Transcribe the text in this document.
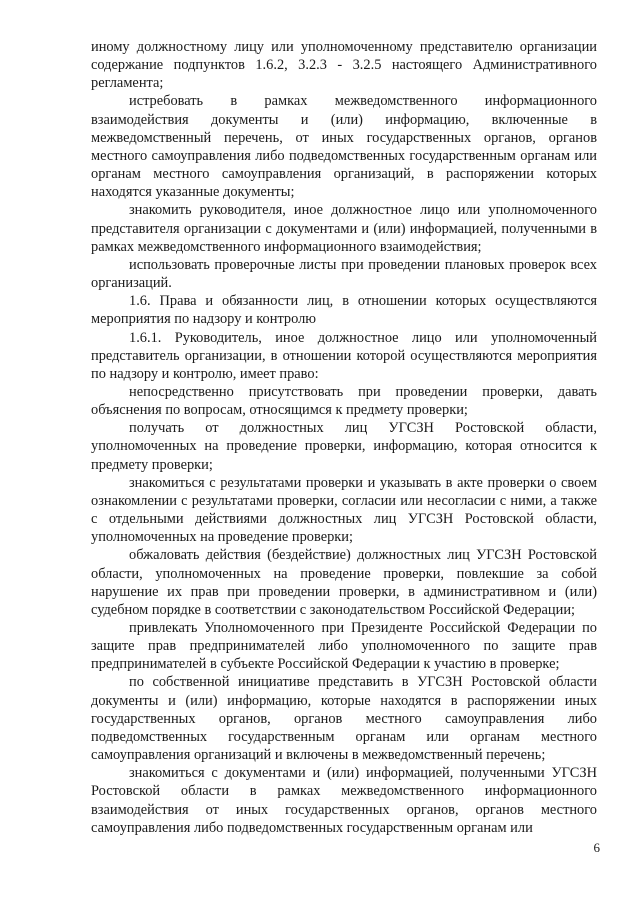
иному должностному лицу или уполномоченному представителю организации содержание подпунктов 1.6.2, 3.2.3 - 3.2.5 настоящего Административного регламента;

истребовать в рамках межведомственного информационного взаимодействия документы и (или) информацию, включенные в межведомственный перечень, от иных государственных органов, органов местного самоуправления либо подведомственных государственным органам или органам местного самоуправления организаций, в распоряжении которых находятся указанные документы;

знакомить руководителя, иное должностное лицо или уполномоченного представителя организации с документами и (или) информацией, полученными в рамках межведомственного информационного взаимодействия;

использовать проверочные листы при проведении плановых проверок всех организаций.

1.6. Права и обязанности лиц, в отношении которых осуществляются мероприятия по надзору и контролю

1.6.1. Руководитель, иное должностное лицо или уполномоченный представитель организации, в отношении которой осуществляются мероприятия по надзору и контролю, имеет право:

непосредственно присутствовать при проведении проверки, давать объяснения по вопросам, относящимся к предмету проверки;

получать от должностных лиц УГСЗН Ростовской области, уполномоченных на проведение проверки, информацию, которая относится к предмету проверки;

знакомиться с результатами проверки и указывать в акте проверки о своем ознакомлении с результатами проверки, согласии или несогласии с ними, а также с отдельными действиями должностных лиц УГСЗН Ростовской области, уполномоченных на проведение проверки;

обжаловать действия (бездействие) должностных лиц УГСЗН Ростовской области, уполномоченных на проведение проверки, повлекшие за собой нарушение их прав при проведении проверки, в административном и (или) судебном порядке в соответствии с законодательством Российской Федерации;

привлекать Уполномоченного при Президенте Российской Федерации по защите прав предпринимателей либо уполномоченного по защите прав предпринимателей в субъекте Российской Федерации к участию в проверке;

по собственной инициативе представить в УГСЗН Ростовской области документы и (или) информацию, которые находятся в распоряжении иных государственных органов, органов местного самоуправления либо подведомственных государственным органам или органам местного самоуправления организаций и включены в межведомственный перечень;

знакомиться с документами и (или) информацией, полученными УГСЗН Ростовской области в рамках межведомственного информационного взаимодействия от иных государственных органов, органов местного самоуправления либо подведомственных государственным органам или

6
